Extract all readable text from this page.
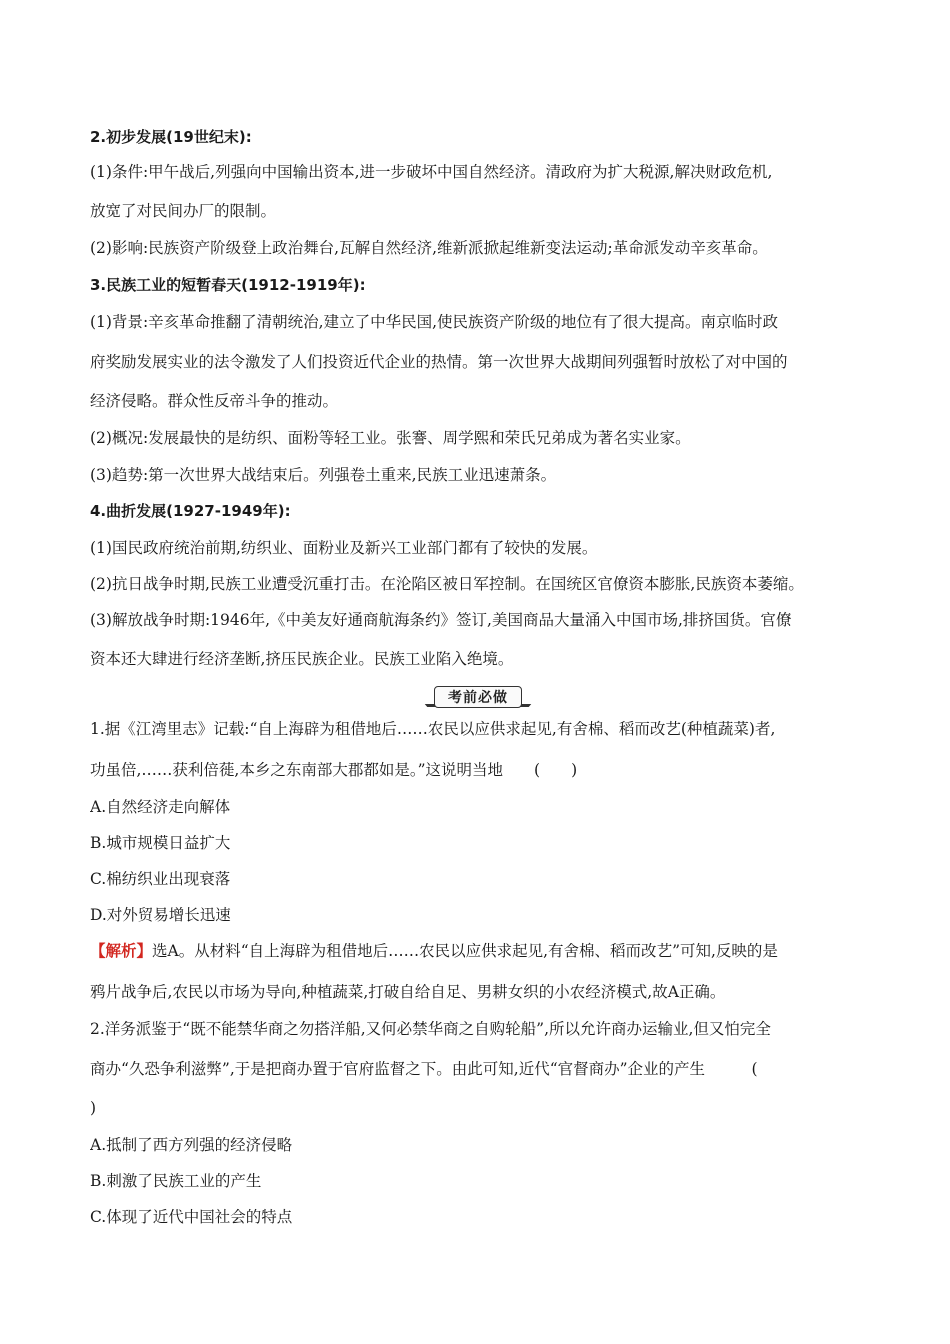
2.初步发展(19世纪末):
(1)条件:甲午战后,列强向中国输出资本,进一步破坏中国自然经济。清政府为扩大税源,解决财政危机,
放宽了对民间办厂的限制。
(2)影响:民族资产阶级登上政治舞台,瓦解自然经济,维新派掀起维新变法运动;革命派发动辛亥革命。
3.民族工业的短暂春天(1912-1919年):
(1)背景:辛亥革命推翻了清朝统治,建立了中华民国,使民族资产阶级的地位有了很大提高。南京临时政
府奖励发展实业的法令激发了人们投资近代企业的热情。第一次世界大战期间列强暂时放松了对中国的
经济侵略。群众性反帝斗争的推动。
(2)概况:发展最快的是纺织、面粉等轻工业。张謇、周学熙和荣氏兄弟成为著名实业家。
(3)趋势:第一次世界大战结束后。列强卷土重来,民族工业迅速萧条。
4.曲折发展(1927-1949年):
(1)国民政府统治前期,纺织业、面粉业及新兴工业部门都有了较快的发展。
(2)抗日战争时期,民族工业遭受沉重打击。在沦陷区被日军控制。在国统区官僚资本膨胀,民族资本萎缩。
(3)解放战争时期:1946年,《中美友好通商航海条约》签订,美国商品大量涌入中国市场,排挤国货。官僚
资本还大肆进行经济垄断,挤压民族企业。民族工业陷入绝境。
考前必做
1.据《江湾里志》记载:“自上海辟为租借地后……农民以应供求起见,有舍棉、稻而改艺(种植蔬菜)者,
功虽倍,……获利倍蓰,本乡之东南部大郡都如是。”这说明当地　　(　　)
A.自然经济走向解体
B.城市规模日益扩大
C.棉纺织业出现衰落
D.对外贸易增长迅速
【解析】选A。从材料“自上海辟为租借地后……农民以应供求起见,有舍棉、稻而改艺”可知,反映的是
鸦片战争后,农民以市场为导向,种植蔬菜,打破自给自足、男耕女织的小农经济模式,故A正确。
2.洋务派鉴于“既不能禁华商之勿搭洋船,又何必禁华商之自购轮船”,所以允许商办运输业,但又怕完全
商办“久恐争利滋弊”,于是把商办置于官府监督之下。由此可知,近代“官督商办”企业的产生　　　(
)
A.抵制了西方列强的经济侵略
B.刺激了民族工业的产生
C.体现了近代中国社会的特点
